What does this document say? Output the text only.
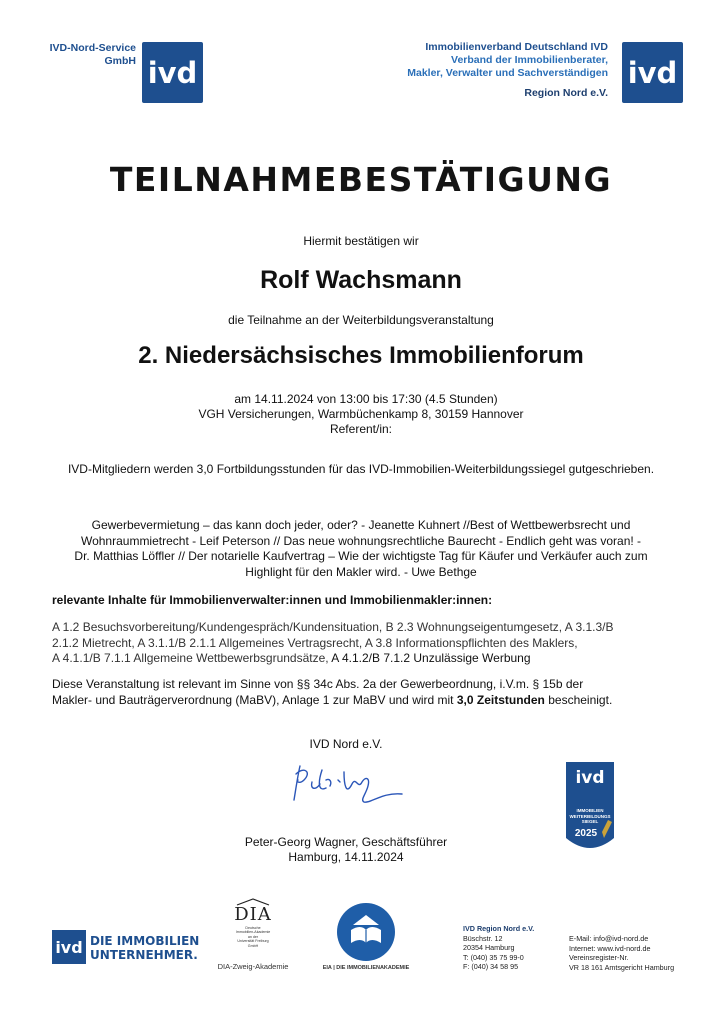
IVD-Nord-Service
GmbH ivd
Immobilienverband Deutschland IVD
Verband der Immobilienberater,
Makler, Verwalter und Sachverständigen
Region Nord e.V.
ivd
TEILNAHMEBESTÄTIGUNG
Hiermit bestätigen wir
Rolf Wachsmann
die Teilnahme an der Weiterbildungsveranstaltung
2. Niedersächsisches Immobilienforum
am 14.11.2024 von 13:00 bis 17:30 (4.5 Stunden)
VGH Versicherungen, Warmbüchenkamp 8, 30159 Hannover
Referent/in:
IVD-Mitgliedern werden 3,0 Fortbildungsstunden für das IVD-Immobilien-Weiterbildungssiegel gutgeschrieben.
Gewerbevermietung – das kann doch jeder, oder? - Jeanette Kuhnert //Best of Wettbewerbsrecht und
Wohnraummietrecht - Leif Peterson // Das neue wohnungsrechtliche Baurecht - Endlich geht was voran! -
Dr. Matthias Löffler // Der notarielle Kaufvertrag – Wie der wichtigste Tag für Käufer und Verkäufer auch zum
Highlight für den Makler wird. - Uwe Bethge
relevante Inhalte für Immobilienverwalter:innen und Immobilienmakler:innen:
A 1.2 Besuchsvorbereitung/Kundengespräch/Kundensituation, B 2.3 Wohnungseigentumgesetz, A 3.1.3/B
2.1.2 Mietrecht, A 3.1.1/B 2.1.1 Allgemeines Vertragsrecht, A 3.8 Informationspflichten des Maklers,
A 4.1.1/B 7.1.1 Allgemeine Wettbewerbsgrundsätze, A 4.1.2/B 7.1.2 Unzulässige Werbung
Diese Veranstaltung ist relevant im Sinne von §§ 34c Abs. 2a der Gewerbeordnung, i.V.m. § 15b der
Makler- und Bauträgerverordnung (MaBV), Anlage 1 zur MaBV und wird mit 3,0 Zeitstunden bescheinigt.
IVD Nord e.V.
Peter-Georg Wagner, Geschäftsführer
Hamburg, 14.11.2024
ivd
IMMOBILIEN
WEITERBILDUNGS
SIEGEL
2025
ivd DIE IMMOBILIEN
UNTERNEHMER.
DIA
Deutsche
Immobilien-Akademie
an der
Universität Freiburg
GmbH
DIA-Zweig-Akademie	EIA | DIE IMMOBILIENAKADEMIE
IVD Region Nord e.V.
Büschstr. 12
20354 Hamburg
T: (040) 35 75 99-0
F: (040) 34 58 95
E-Mail: info@ivd-nord.de
Internet: www.ivd-nord.de
Vereinsregister-Nr.
VR 18 161 Amtsgericht Hamburg
